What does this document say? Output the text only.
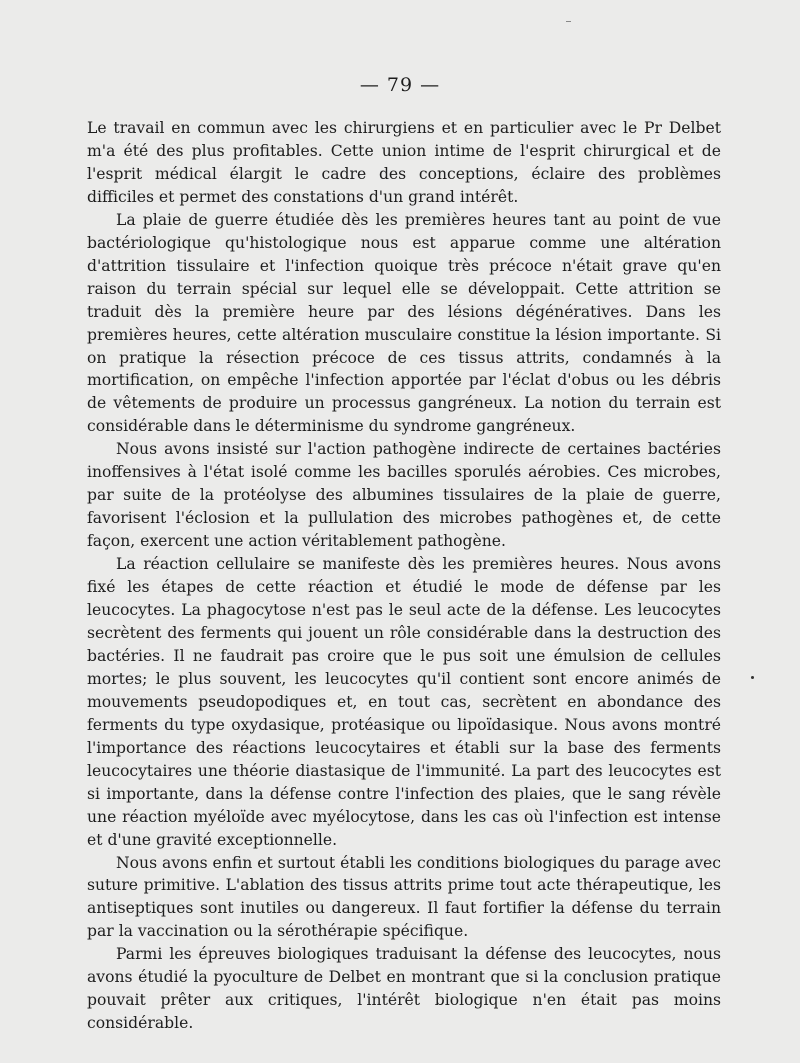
— 79 —

Le travail en commun avec les chirurgiens et en particulier avec le Pr Delbet m'a été des plus profitables. Cette union intime de l'esprit chirurgical et de l'esprit médical élargit le cadre des conceptions, éclaire des problèmes difficiles et permet des constations d'un grand intérêt.

La plaie de guerre étudiée dès les premières heures tant au point de vue bactériologique qu'histologique nous est apparue comme une altération d'attrition tissulaire et l'infection quoique très précoce n'était grave qu'en raison du terrain spécial sur lequel elle se développait. Cette attrition se traduit dès la première heure par des lésions dégénératives. Dans les premières heures, cette altération musculaire constitue la lésion importante. Si on pratique la résection précoce de ces tissus attrits, condamnés à la mortification, on empêche l'infection apportée par l'éclat d'obus ou les débris de vêtements de produire un processus gangréneux. La notion du terrain est considérable dans le déterminisme du syndrome gangréneux.

Nous avons insisté sur l'action pathogène indirecte de certaines bactéries inoffensives à l'état isolé comme les bacilles sporulés aérobies. Ces microbes, par suite de la protéolyse des albumines tissulaires de la plaie de guerre, favorisent l'éclosion et la pullulation des microbes pathogènes et, de cette façon, exercent une action véritablement pathogène.

La réaction cellulaire se manifeste dès les premières heures. Nous avons fixé les étapes de cette réaction et étudié le mode de défense par les leucocytes. La phagocytose n'est pas le seul acte de la défense. Les leucocytes secrètent des ferments qui jouent un rôle considérable dans la destruction des bactéries. Il ne faudrait pas croire que le pus soit une émulsion de cellules mortes; le plus souvent, les leucocytes qu'il contient sont encore animés de mouvements pseudopodiques et, en tout cas, secrètent en abondance des ferments du type oxydasique, protéasique ou lipoïdasique. Nous avons montré l'importance des réactions leucocytaires et établi sur la base des ferments leucocytaires une théorie diastasique de l'immunité. La part des leucocytes est si importante, dans la défense contre l'infection des plaies, que le sang révèle une réaction myéloïde avec myélocytose, dans les cas où l'infection est intense et d'une gravité exceptionnelle.

Nous avons enfin et surtout établi les conditions biologiques du parage avec suture primitive. L'ablation des tissus attrits prime tout acte thérapeutique, les antiseptiques sont inutiles ou dangereux. Il faut fortifier la défense du terrain par la vaccination ou la sérothérapie spécifique.

Parmi les épreuves biologiques traduisant la défense des leucocytes, nous avons étudié la pyoculture de Delbet en montrant que si la conclusion pratique pouvait prêter aux critiques, l'intérêt biologique n'en était pas moins considérable.
